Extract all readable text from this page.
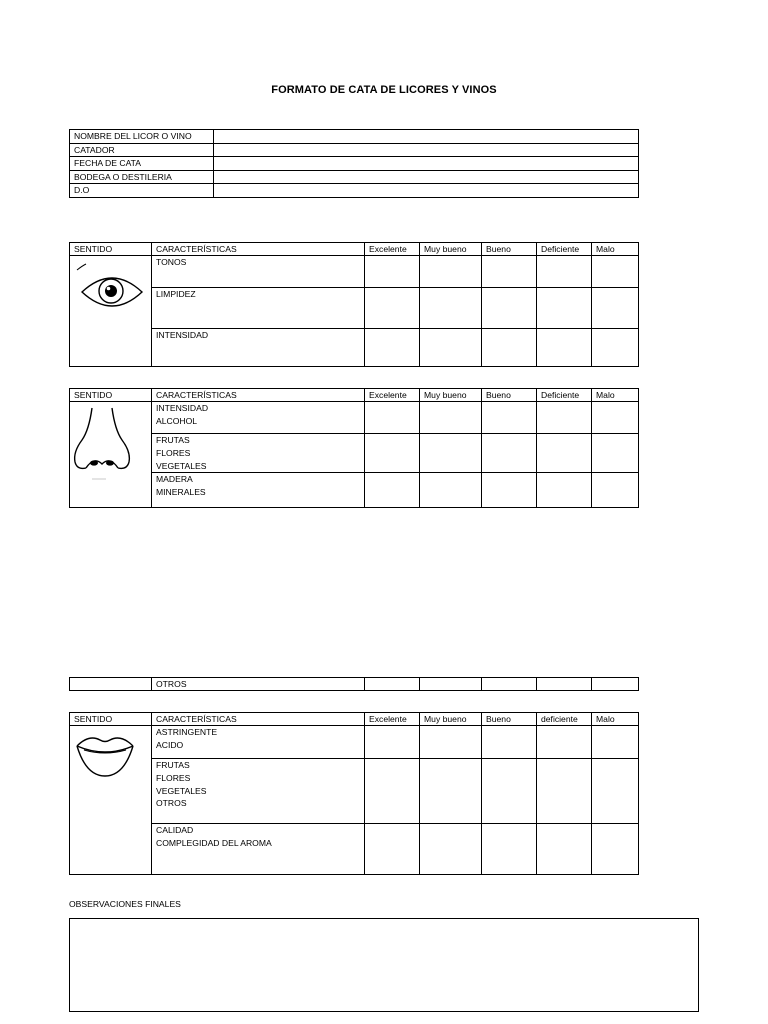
FORMATO DE CATA DE LICORES Y VINOS
NOMBRE DEL LICOR O VINO	
CATADOR	
FECHA DE CATA	
BODEGA O DESTILERIA	
D.O	
SENTIDO	CARACTERÍSTICAS	Excelente	Muy bueno	Bueno	Deficiente	Malo

TONOS					

	LIMPIDEZ					

	INTENSIDAD					

SENTIDO	CARACTERÍSTICAS	Excelente	Muy bueno	Bueno	Deficiente	Malo

INTENSIDAD
ALCOHOL					

	FRUTAS
FLORES
VEGETALES					

	MADERA
MINERALES					

	OTROS					
SENTIDO	CARACTERÍSTICAS	Excelente	Muy bueno	Bueno	deficiente	Malo

ASTRINGENTE
ACIDO					

	FRUTAS
FLORES
VEGETALES
OTROS					

	CALIDAD
COMPLEGIDAD DEL AROMA					

OBSERVACIONES FINALES
